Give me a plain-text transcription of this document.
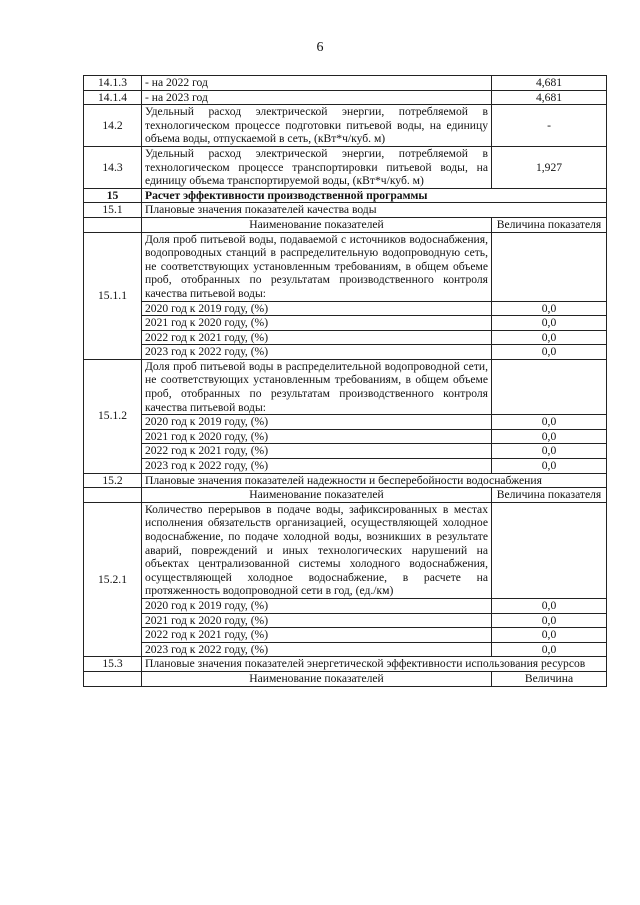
6
14.1.3	- на 2022 год	4,681
14.1.4	- на 2023 год	4,681
14.2	Удельный расход электрической энергии, потребляемой в технологическом процессе подготовки питьевой воды, на единицу объема воды, отпускаемой в сеть, (кВт*ч/куб. м)	-
14.3	Удельный расход электрической энергии, потребляемой в технологическом процессе транспортировки питьевой воды, на единицу объема транспортируемой воды, (кВт*ч/куб. м)	1,927
15	Расчет эффективности производственной программы	
15.1	Плановые значения показателей качества воды	
	Наименование показателей	Величина показателя
15.1.1	Доля проб питьевой воды, подаваемой с источников водоснабжения, водопроводных станций в распределительную водопроводную сеть, не соответствующих установленным требованиям, в общем объеме проб, отобранных по результатам производственного контроля качества питьевой воды:	
	2020 год к 2019 году, (%)	0,0
	2021 год к 2020 году, (%)	0,0
	2022 год к 2021 году, (%)	0,0
	2023 год к 2022 году, (%)	0,0
15.1.2	Доля проб питьевой воды в распределительной водопроводной сети, не соответствующих установленным требованиям, в общем объеме проб, отобранных по результатам производственного контроля качества питьевой воды:	
	2020 год к 2019 году, (%)	0,0
	2021 год к 2020 году, (%)	0,0
	2022 год к 2021 году, (%)	0,0
	2023 год к 2022 году, (%)	0,0
15.2	Плановые значения показателей надежности и бесперебойности водоснабжения	
	Наименование показателей	Величина показателя
15.2.1	Количество перерывов в подаче воды, зафиксированных в местах исполнения обязательств организацией, осуществляющей холодное водоснабжение, по подаче холодной воды, возникших в результате аварий, повреждений и иных технологических нарушений на объектах централизованной системы холодного водоснабжения, осуществляющей холодное водоснабжение, в расчете на протяженность водопроводной сети в год, (ед./км)	
	2020 год к 2019 году, (%)	0,0
	2021 год к 2020 году, (%)	0,0
	2022 год к 2021 году, (%)	0,0
	2023 год к 2022 году, (%)	0,0
15.3	Плановые значения показателей энергетической эффективности использования ресурсов	
	Наименование показателей	Величина
